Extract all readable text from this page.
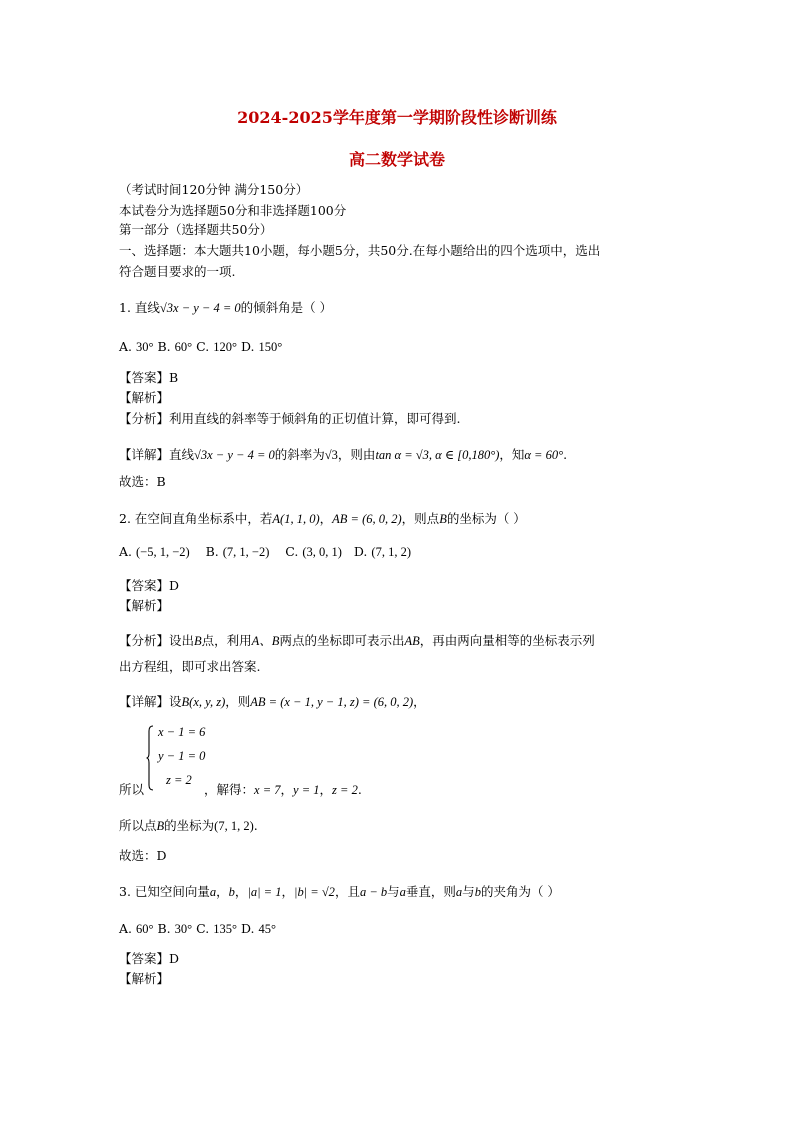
2024-2025学年度第一学期阶段性诊断训练
高二数学试卷
（考试时间120分钟 满分150分）
本试卷分为选择题50分和非选择题100分
第一部分（选择题共50分）
一、选择题：本大题共10小题，每小题5分，共50分.在每小题给出的四个选项中，选出
符合题目要求的一项.
1. 直线√3x − y − 4 = 0的倾斜角是（ ）
A. 30° B. 60° C. 120° D. 150°
【答案】B
【解析】
【分析】利用直线的斜率等于倾斜角的正切值计算，即可得到.
【详解】直线√3x − y − 4 = 0的斜率为√3，则由tan α = √3, α ∈ [0,180°)，知α = 60°.
故选：B
2. 在空间直角坐标系中，若A(1, 1, 0)，AB = (6, 0, 2)，则点B的坐标为（ ）
A. (−5, 1, −2) B. (7, 1, −2) C. (3, 0, 1) D. (7, 1, 2)
【答案】D
【解析】
【分析】设出B点，利用A、B两点的坐标即可表示出AB，再由两向量相等的坐标表示列
出方程组，即可求出答案.
【详解】设B(x, y, z)，则AB = (x − 1, y − 1, z) = (6, 0, 2)，
x − 1 = 6
y − 1 = 0
z = 2
所以	，解得：x = 7，y = 1，z = 2.
所以点B的坐标为(7, 1, 2).
故选：D
3. 已知空间向量a，b，|a| = 1，|b| = √2，且a − b与a垂直，则a与b的夹角为（ ）
A. 60° B. 30° C. 135° D. 45°
【答案】D
【解析】
